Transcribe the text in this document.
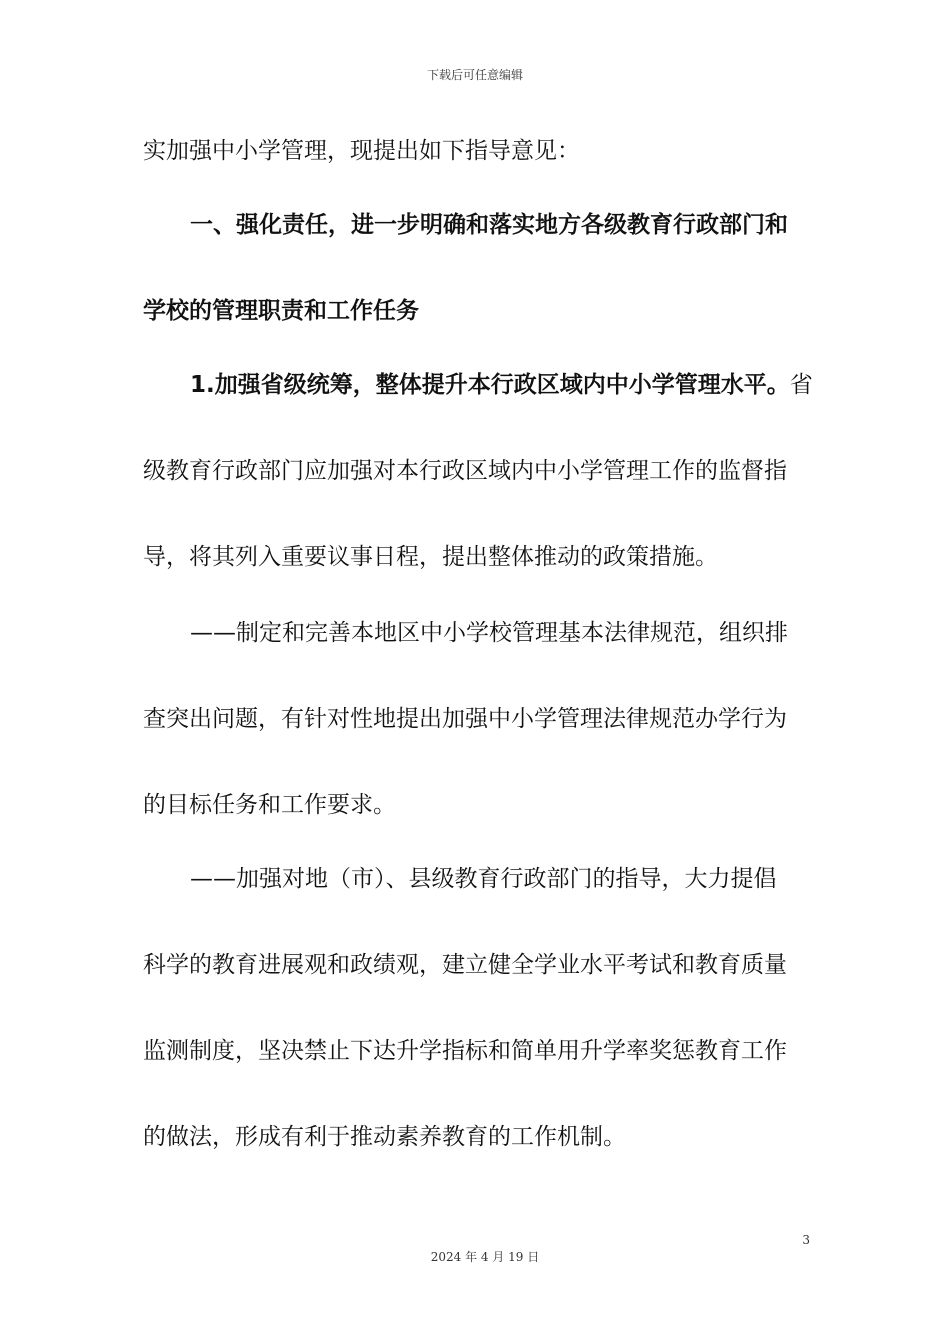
下载后可任意编辑
实加强中小学管理，现提出如下指导意见：
一、强化责任，进一步明确和落实地方各级教育行政部门和
学校的管理职责和工作任务
1.加强省级统筹，整体提升本行政区域内中小学管理水平。省
级教育行政部门应加强对本行政区域内中小学管理工作的监督指
导，将其列入重要议事日程，提出整体推动的政策措施。
——制定和完善本地区中小学校管理基本法律规范，组织排
查突出问题，有针对性地提出加强中小学管理法律规范办学行为
的目标任务和工作要求。
——加强对地（市）、县级教育行政部门的指导，大力提倡
科学的教育进展观和政绩观，建立健全学业水平考试和教育质量
监测制度，坚决禁止下达升学指标和简单用升学率奖惩教育工作
的做法，形成有利于推动素养教育的工作机制。
3
2024 年 4 月 19 日
